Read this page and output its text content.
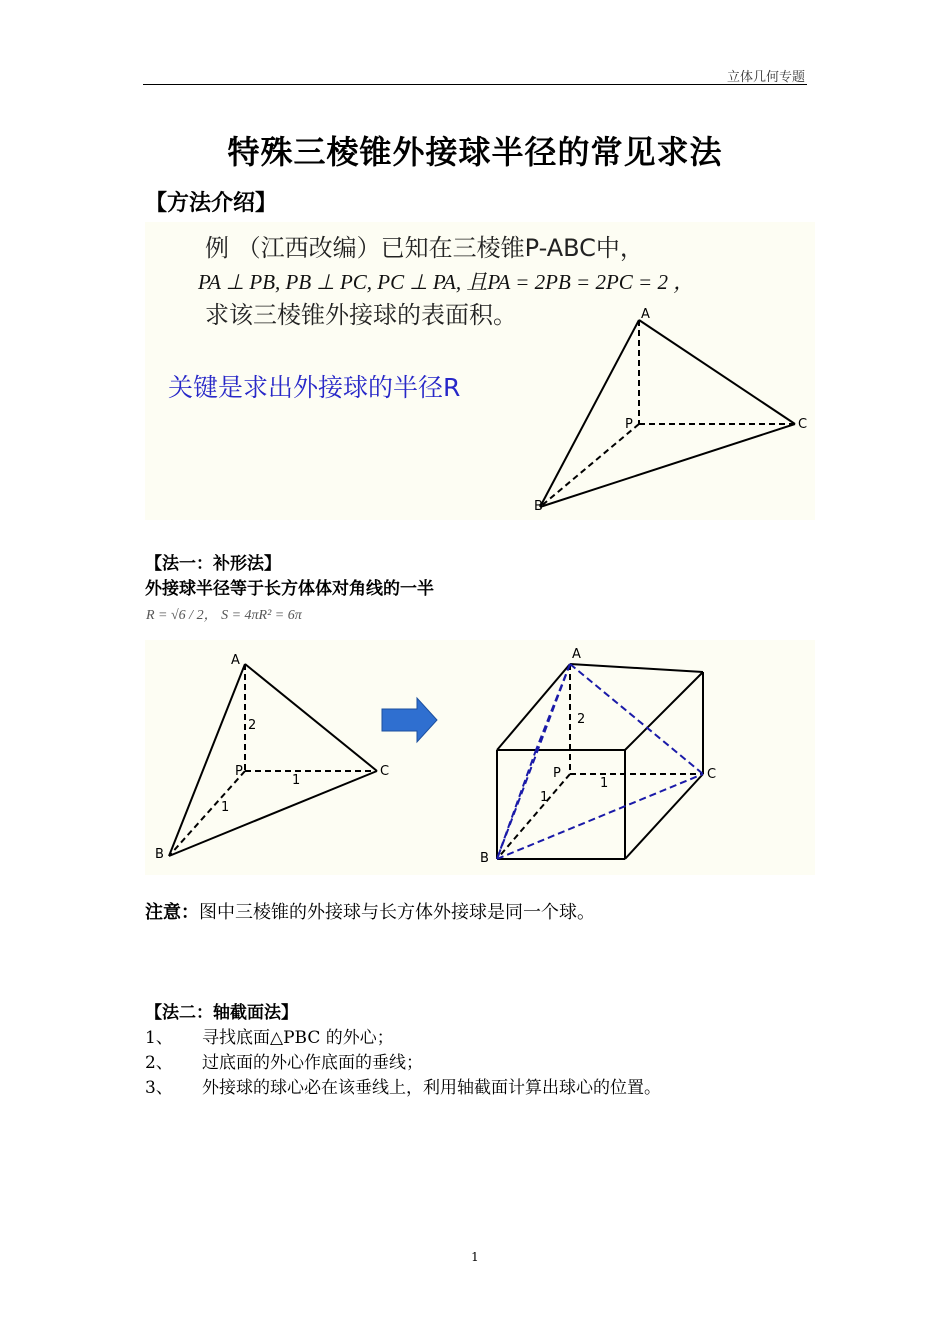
立体几何专题
特殊三棱锥外接球半径的常见求法
【方法介绍】
例 （江西改编）已知在三棱锥P-ABC中，
PA ⊥ PB, PB ⊥ PC, PC ⊥ PA, 且PA = 2PB = 2PC = 2 ，
求该三棱锥外接球的表面积。
关键是求出外接球的半径R
A
P	C
B
【法一：补形法】
外接球半径等于长方体体对角线的一半
R = √6 / 2， S = 4πR² = 6π
A
P	C
B
2
1
1
A
P	C
B
2
1
1
注意：图中三棱锥的外接球与长方体外接球是同一个球。
【法二：轴截面法】
1、 寻找底面△PBC 的外心；
2、 过底面的外心作底面的垂线；
3、 外接球的球心必在该垂线上，利用轴截面计算出球心的位置。
1
